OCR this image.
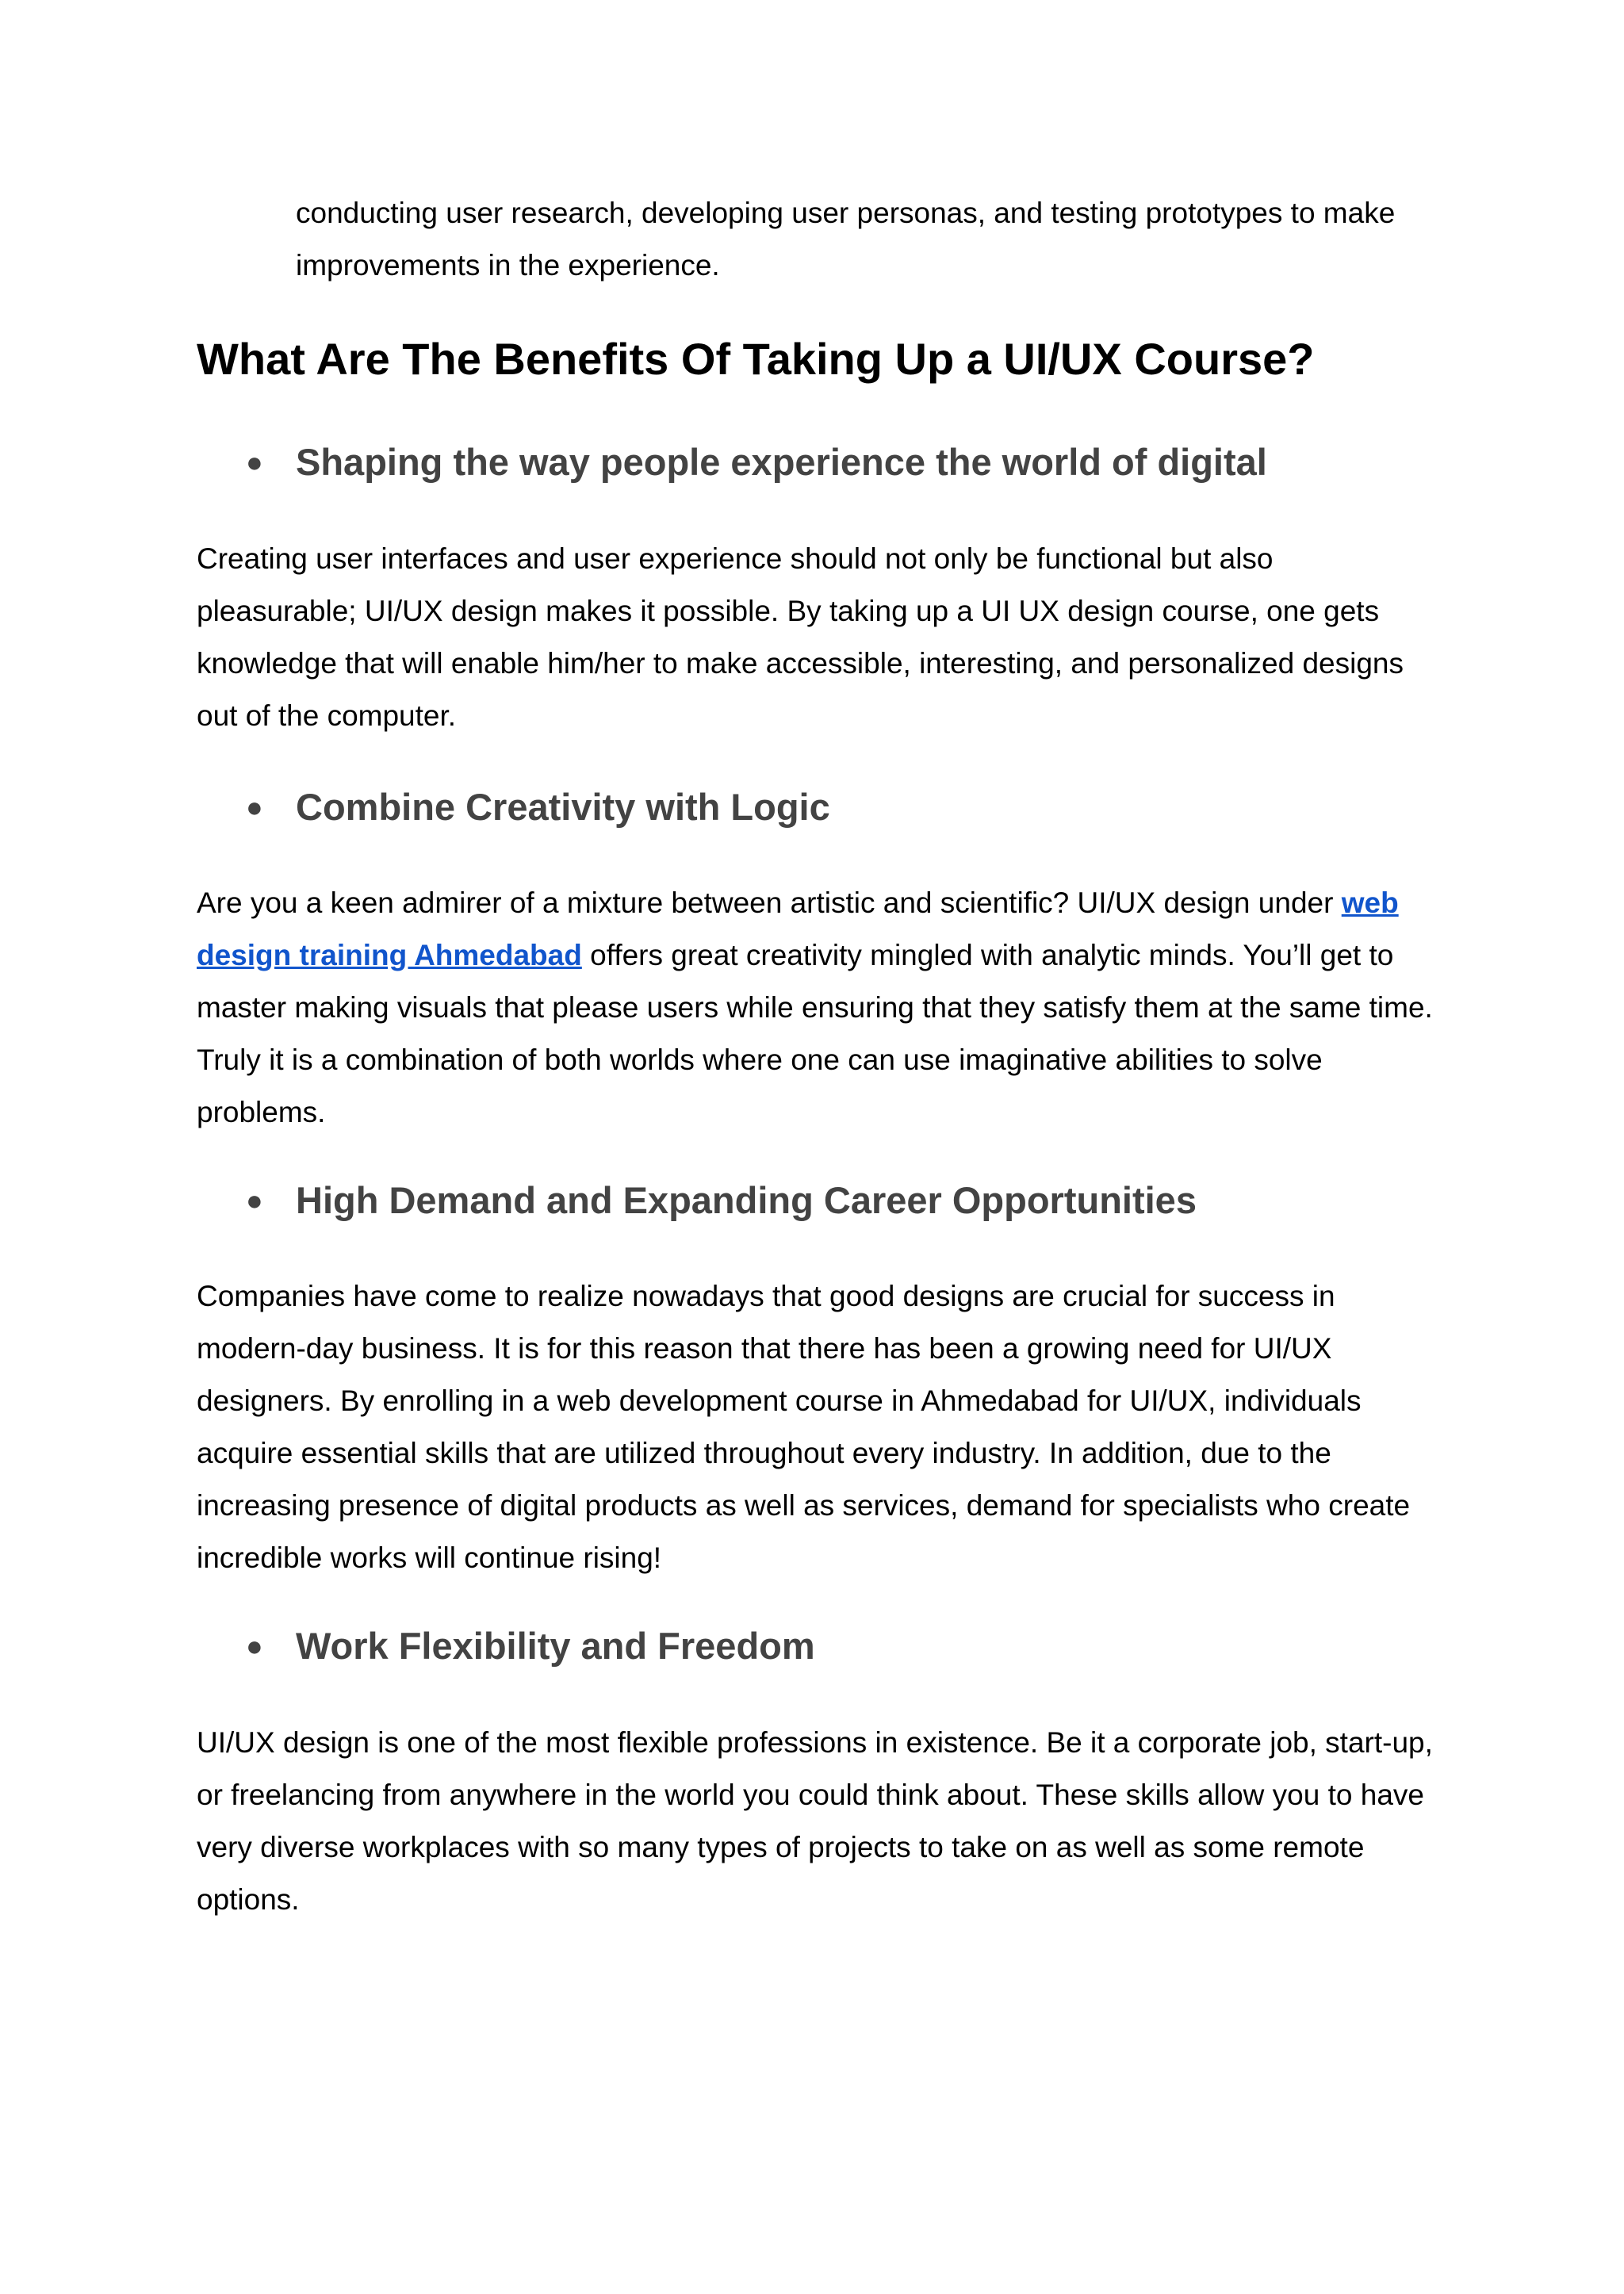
conducting user research, developing user personas, and testing prototypes to make improvements in the experience.

What Are The Benefits Of Taking Up a UI/UX Course?
● Shaping the way people experience the world of digital

Creating user interfaces and user experience should not only be functional but also pleasurable; UI/UX design makes it possible. By taking up a UI UX design course, one gets knowledge that will enable him/her to make accessible, interesting, and personalized designs out of the computer.

● Combine Creativity with Logic

Are you a keen admirer of a mixture between artistic and scientific? UI/UX design under web design training Ahmedabad offers great creativity mingled with analytic minds. You’ll get to master making visuals that please users while ensuring that they satisfy them at the same time. Truly it is a combination of both worlds where one can use imaginative abilities to solve problems.

● High Demand and Expanding Career Opportunities

Companies have come to realize nowadays that good designs are crucial for success in modern-day business. It is for this reason that there has been a growing need for UI/UX designers. By enrolling in a web development course in Ahmedabad for UI/UX, individuals acquire essential skills that are utilized throughout every industry. In addition, due to the increasing presence of digital products as well as services, demand for specialists who create incredible works will continue rising!

● Work Flexibility and Freedom

UI/UX design is one of the most flexible professions in existence. Be it a corporate job, start-up, or freelancing from anywhere in the world you could think about. These skills allow you to have very diverse workplaces with so many types of projects to take on as well as some remote options.
